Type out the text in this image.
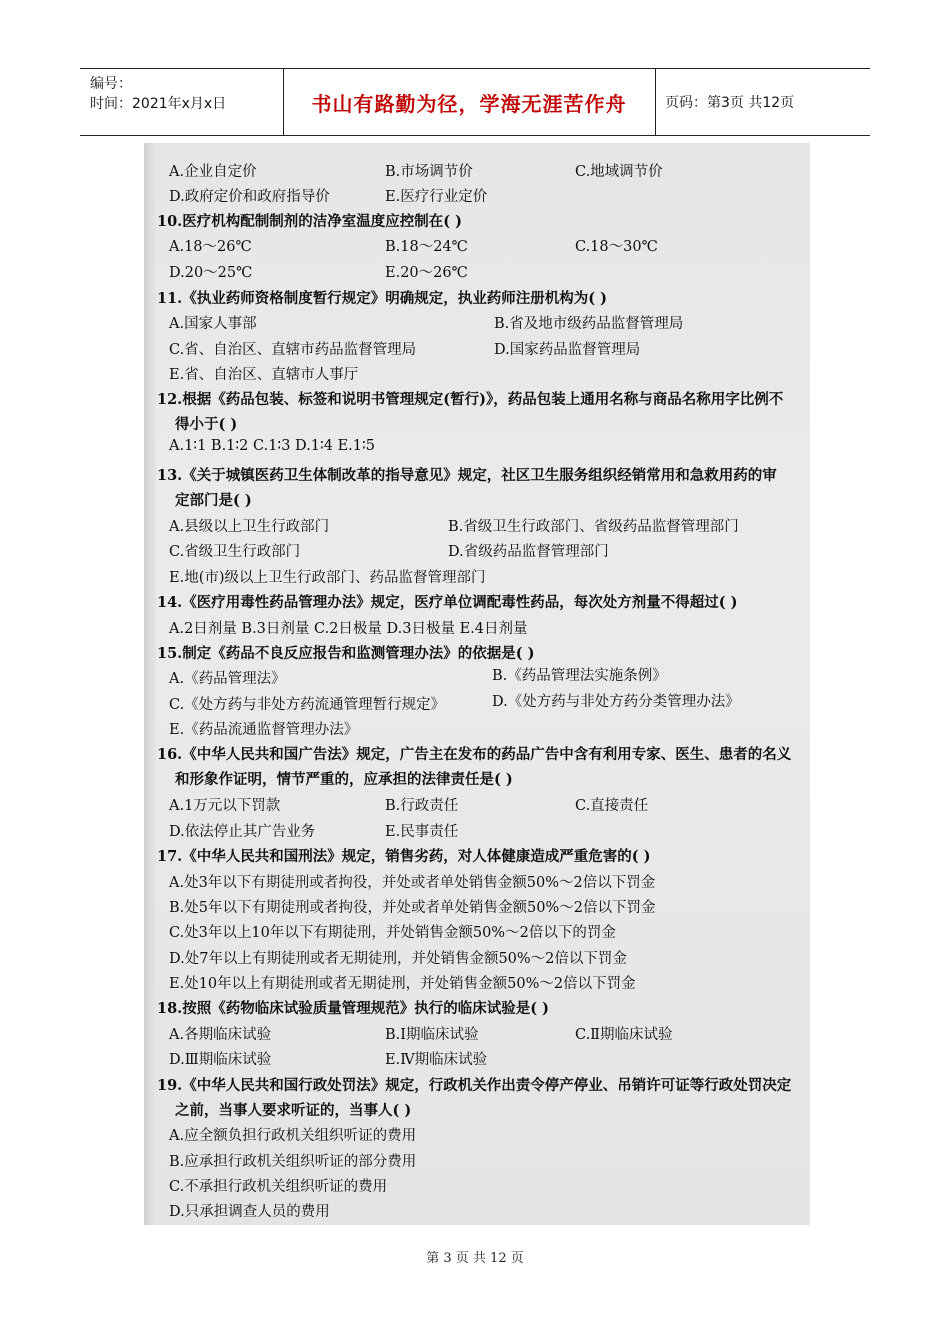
编号：
时间：2021年x月x日	书山有路勤为径，学海无涯苦作舟	页码：第3页 共12页
A.企业自定价	B.市场调节价	C.地域调节价
D.政府定价和政府指导价	E.医疗行业定价
10.医疗机构配制制剂的洁净室温度应控制在( )
A.18～26℃	B.18～24℃	C.18～30℃
D.20～25℃	E.20～26℃
11.《执业药师资格制度暂行规定》明确规定，执业药师注册机构为( )
A.国家人事部	B.省及地市级药品监督管理局
C.省、自治区、直辖市药品监督管理局	D.国家药品监督管理局
E.省、自治区、直辖市人事厅
12.根据《药品包装、标签和说明书管理规定(暂行)》，药品包装上通用名称与商品名称用字比例不
得小于( )
A.1∶1 B.1∶2 C.1∶3 D.1∶4 E.1∶5
13.《关于城镇医药卫生体制改革的指导意见》规定，社区卫生服务组织经销常用和急救用药的审
定部门是( )
A.县级以上卫生行政部门	B.省级卫生行政部门、省级药品监督管理部门
C.省级卫生行政部门	D.省级药品监督管理部门
E.地(市)级以上卫生行政部门、药品监督管理部门
14.《医疗用毒性药品管理办法》规定，医疗单位调配毒性药品，每次处方剂量不得超过( )
A.2日剂量 B.3日剂量 C.2日极量 D.3日极量 E.4日剂量
15.制定《药品不良反应报告和监测管理办法》的依据是( )
A.《药品管理法》	B.《药品管理法实施条例》
C.《处方药与非处方药流通管理暂行规定》	D.《处方药与非处方药分类管理办法》
E.《药品流通监督管理办法》
16.《中华人民共和国广告法》规定，广告主在发布的药品广告中含有利用专家、医生、患者的名义
和形象作证明，情节严重的，应承担的法律责任是( )
A.1万元以下罚款	B.行政责任	C.直接责任
D.依法停止其广告业务	E.民事责任
17.《中华人民共和国刑法》规定，销售劣药，对人体健康造成严重危害的( )
A.处3年以下有期徒刑或者拘役，并处或者单处销售金额50%～2倍以下罚金
B.处5年以下有期徒刑或者拘役，并处或者单处销售金额50%～2倍以下罚金
C.处3年以上10年以下有期徒刑，并处销售金额50%～2倍以下的罚金
D.处7年以上有期徒刑或者无期徒刑，并处销售金额50%～2倍以下罚金
E.处10年以上有期徒刑或者无期徒刑，并处销售金额50%～2倍以下罚金
18.按照《药物临床试验质量管理规范》执行的临床试验是( )
A.各期临床试验	B.Ⅰ期临床试验	C.Ⅱ期临床试验
D.Ⅲ期临床试验	E.Ⅳ期临床试验
19.《中华人民共和国行政处罚法》规定，行政机关作出责令停产停业、吊销许可证等行政处罚决定
之前，当事人要求听证的，当事人( )
A.应全额负担行政机关组织听证的费用
B.应承担行政机关组织听证的部分费用
C.不承担行政机关组织听证的费用
D.只承担调查人员的费用
第 3 页 共 12 页
